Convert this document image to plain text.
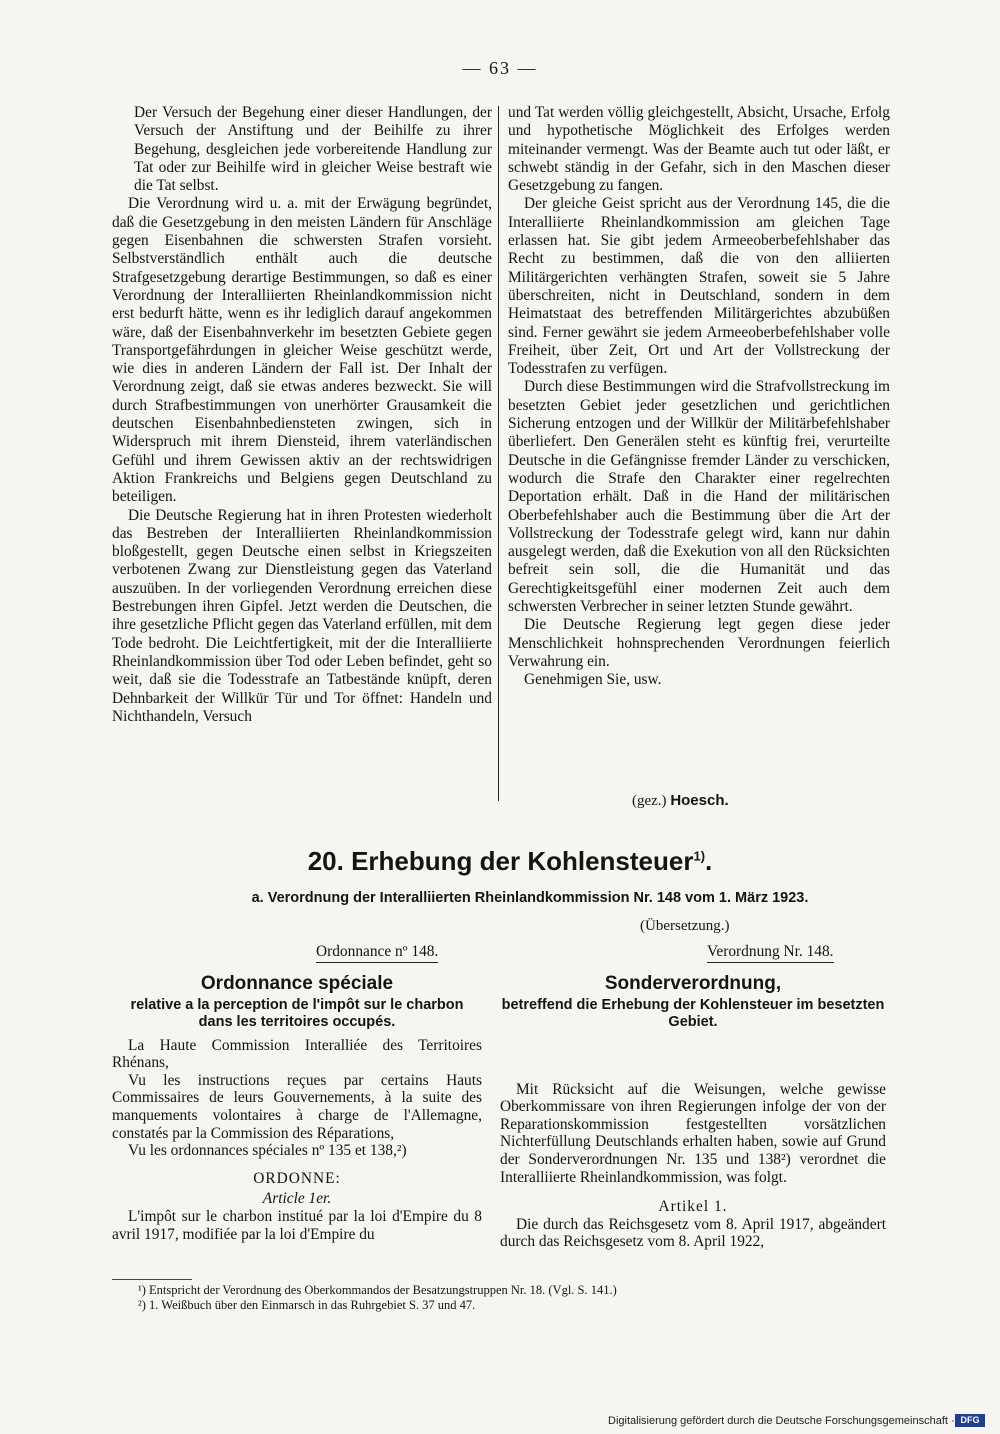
— 63 —

Der Versuch der Begehung einer dieser Handlungen, der Versuch der Anstiftung und der Beihilfe zu ihrer Begehung, desgleichen jede vorbereitende Handlung zur Tat oder zur Beihilfe wird in gleicher Weise bestraft wie die Tat selbst.

Die Verordnung wird u. a. mit der Erwägung begründet, daß die Gesetzgebung in den meisten Ländern für Anschläge gegen Eisenbahnen die schwersten Strafen vorsieht. Selbstverständlich enthält auch die deutsche Strafgesetzgebung derartige Bestimmungen, so daß es einer Verordnung der Interalliierten Rheinlandkommission nicht erst bedurft hätte, wenn es ihr lediglich darauf angekommen wäre, daß der Eisenbahnverkehr im besetzten Gebiete gegen Transportgefährdungen in gleicher Weise geschützt werde, wie dies in anderen Ländern der Fall ist. Der Inhalt der Verordnung zeigt, daß sie etwas anderes bezweckt. Sie will durch Strafbestimmungen von unerhörter Grausamkeit die deutschen Eisenbahnbediensteten zwingen, sich in Widerspruch mit ihrem Diensteid, ihrem vaterländischen Gefühl und ihrem Gewissen aktiv an der rechtswidrigen Aktion Frankreichs und Belgiens gegen Deutschland zu beteiligen.

Die Deutsche Regierung hat in ihren Protesten wiederholt das Bestreben der Interalliierten Rheinlandkommission bloßgestellt, gegen Deutsche einen selbst in Kriegszeiten verbotenen Zwang zur Dienstleistung gegen das Vaterland auszuüben. In der vorliegenden Verordnung erreichen diese Bestrebungen ihren Gipfel. Jetzt werden die Deutschen, die ihre gesetzliche Pflicht gegen das Vaterland erfüllen, mit dem Tode bedroht. Die Leichtfertigkeit, mit der die Interalliierte Rheinlandkommission über Tod oder Leben befindet, geht so weit, daß sie die Todesstrafe an Tatbestände knüpft, deren Dehnbarkeit der Willkür Tür und Tor öffnet: Handeln und Nichthandeln, Versuch

und Tat werden völlig gleichgestellt, Absicht, Ursache, Erfolg und hypothetische Möglichkeit des Erfolges werden miteinander vermengt. Was der Beamte auch tut oder läßt, er schwebt ständig in der Gefahr, sich in den Maschen dieser Gesetzgebung zu fangen.

Der gleiche Geist spricht aus der Verordnung 145, die die Interalliierte Rheinlandkommission am gleichen Tage erlassen hat. Sie gibt jedem Armeeoberbefehlshaber das Recht zu bestimmen, daß die von den alliierten Militärgerichten verhängten Strafen, soweit sie 5 Jahre überschreiten, nicht in Deutschland, sondern in dem Heimatstaat des betreffenden Militärgerichtes abzubüßen sind. Ferner gewährt sie jedem Armeeoberbefehlshaber volle Freiheit, über Zeit, Ort und Art der Vollstreckung der Todesstrafen zu verfügen.

Durch diese Bestimmungen wird die Strafvollstreckung im besetzten Gebiet jeder gesetzlichen und gerichtlichen Sicherung entzogen und der Willkür der Militärbefehlshaber überliefert. Den Generälen steht es künftig frei, verurteilte Deutsche in die Gefängnisse fremder Länder zu verschicken, wodurch die Strafe den Charakter einer regelrechten Deportation erhält. Daß in die Hand der militärischen Oberbefehlshaber auch die Bestimmung über die Art der Vollstreckung der Todesstrafe gelegt wird, kann nur dahin ausgelegt werden, daß die Exekution von all den Rücksichten befreit sein soll, die die Humanität und das Gerechtigkeitsgefühl einer modernen Zeit auch dem schwersten Verbrecher in seiner letzten Stunde gewährt.

Die Deutsche Regierung legt gegen diese jeder Menschlichkeit hohnsprechenden Verordnungen feierlich Verwahrung ein.

Genehmigen Sie, usw.

(gez.) Hoesch.
20. Erhebung der Kohlensteuer$^{1)}$.
a. Verordnung der Interalliierten Rheinlandkommission Nr. 148 vom 1. März 1923.
(Übersetzung.)
Ordonnance nº 148.	Verordnung Nr. 148.
Ordonnance spéciale
relative a la perception de l'impôt sur le charbon dans les territoires occupés.

La Haute Commission Interalliée des Territoires Rhénans,

Vu les instructions reçues par certains Hauts Commissaires de leurs Gouvernements, à la suite des manquements volontaires à charge de l'Allemagne, constatés par la Commission des Réparations,

Vu les ordonnances spéciales nº 135 et 138,²)

ORDONNE:

Article 1er.

L'impôt sur le charbon institué par la loi d'Empire du 8 avril 1917, modifiée par la loi d'Empire du

Sonderverordnung,
betreffend die Erhebung der Kohlensteuer im besetzten Gebiet.

Mit Rücksicht auf die Weisungen, welche gewisse Oberkommissare von ihren Regierungen infolge der von der Reparationskommission festgestellten vorsätzlichen Nichterfüllung Deutschlands erhalten haben, sowie auf Grund der Sonderverordnungen Nr. 135 und 138²) verordnet die Interalliierte Rheinlandkommission, was folgt.

Artikel 1.

Die durch das Reichsgesetz vom 8. April 1917, abgeändert durch das Reichsgesetz vom 8. April 1922,

¹) Entspricht der Verordnung des Oberkommandos der Besatzungstruppen Nr. 18. (Vgl. S. 141.)

²) 1. Weißbuch über den Einmarsch in das Ruhrgebiet S. 37 und 47.

Digitalisierung gefördert durch die Deutsche Forschungsgemeinschaft · DFG
